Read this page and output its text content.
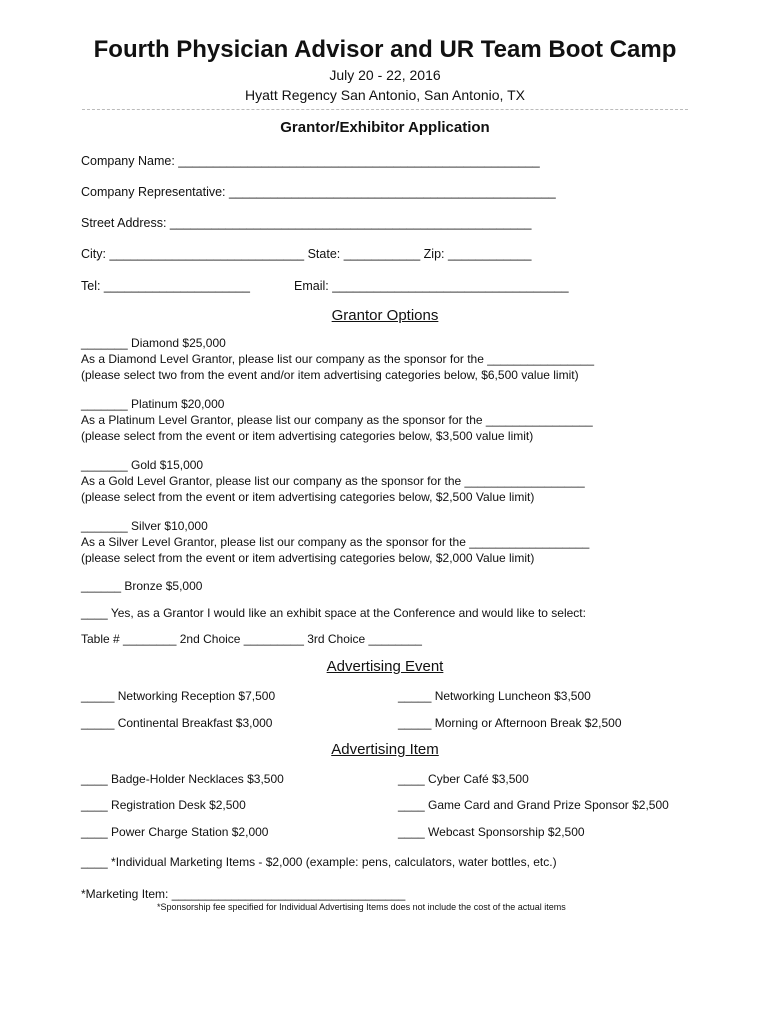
Fourth Physician Advisor and UR Team Boot Camp
July 20 - 22, 2016
Hyatt Regency San Antonio, San Antonio, TX
Grantor/Exhibitor Application
Company Name: ____________________________________________________
Company Representative: _______________________________________________
Street Address: ____________________________________________________
City: ____________________________ State: ___________ Zip: ____________
Tel: _____________________	Email: __________________________________
Grantor Options
_______ Diamond $25,000
As a Diamond Level Grantor, please list our company as the sponsor for the ________________
(please select two from the event and/or item advertising categories below, $6,500 value limit)
_______ Platinum $20,000
As a Platinum Level Grantor, please list our company as the sponsor for the ________________
(please select from the event or item advertising categories below, $3,500 value limit)
_______ Gold $15,000
As a Gold Level Grantor, please list our company as the sponsor for the __________________
(please select from the event or item advertising categories below, $2,500 Value limit)
_______ Silver $10,000
As a Silver Level Grantor, please list our company as the sponsor for the __________________
(please select from the event or item advertising categories below, $2,000 Value limit)
______ Bronze $5,000
____ Yes, as a Grantor I would like an exhibit space at the Conference and would like to select:
Table # ________ 2nd Choice _________ 3rd Choice ________
Advertising Event
_____ Networking Reception $7,500	_____ Networking Luncheon $3,500
_____ Continental Breakfast $3,000	_____ Morning or Afternoon Break $2,500
Advertising Item
____ Badge-Holder Necklaces $3,500	____ Cyber Café $3,500
____ Registration Desk $2,500	____ Game Card and Grand Prize Sponsor $2,500
____ Power Charge Station $2,000	____ Webcast Sponsorship $2,500
____ *Individual Marketing Items - $2,000 (example: pens, calculators, water bottles, etc.)
*Marketing Item: ___________________________________
*Sponsorship fee specified for Individual Advertising Items does not include the cost of the actual items
